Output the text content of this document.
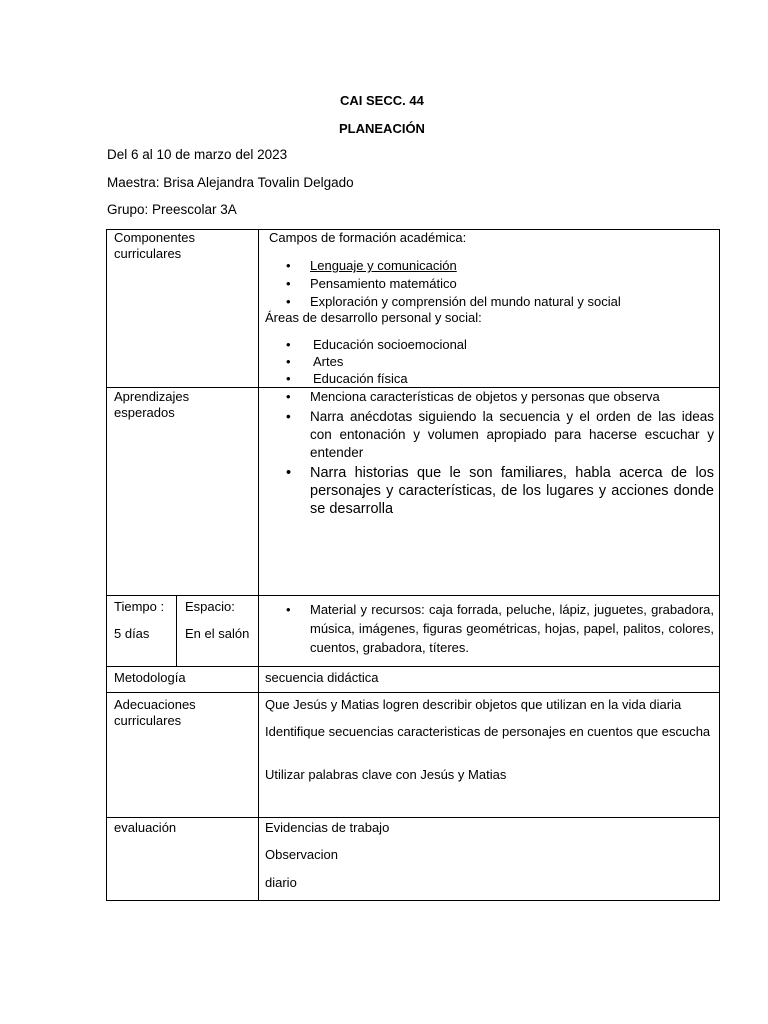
CAI SECC. 44
PLANEACIÓN
Del 6 al 10 de marzo del 2023
Maestra: Brisa Alejandra Tovalin Delgado
Grupo: Preescolar 3A
Componentes curriculares
Campos de formación académica:
• Lenguaje y comunicación
• Pensamiento matemático
• Exploración y comprensión del mundo natural y social
Áreas de desarrollo personal y social:
• Educación socioemocional
• Artes
• Educación física
Aprendizajes esperados
• Menciona características de objetos y personas que observa
• Narra anécdotas siguiendo la secuencia y el orden de las ideas con entonación y volumen apropiado para hacerse escuchar y entender
• Narra historias que le son familiares, habla acerca de los personajes y características, de los lugares y acciones donde se desarrolla
Tiempo :
5 días
Espacio:
En el salón
• Material y recursos: caja forrada, peluche, lápiz, juguetes, grabadora, música, imágenes, figuras geométricas, hojas, papel, palitos, colores, cuentos, grabadora, títeres.
Metodología	secuencia didáctica
Adecuaciones curriculares
Que Jesús y Matias logren describir objetos que utilizan en la vida diaria
Identifique secuencias caracteristicas de personajes en cuentos que escucha
Utilizar palabras clave con Jesús y Matias
evaluación	Evidencias de trabajo
Observacion
diario
